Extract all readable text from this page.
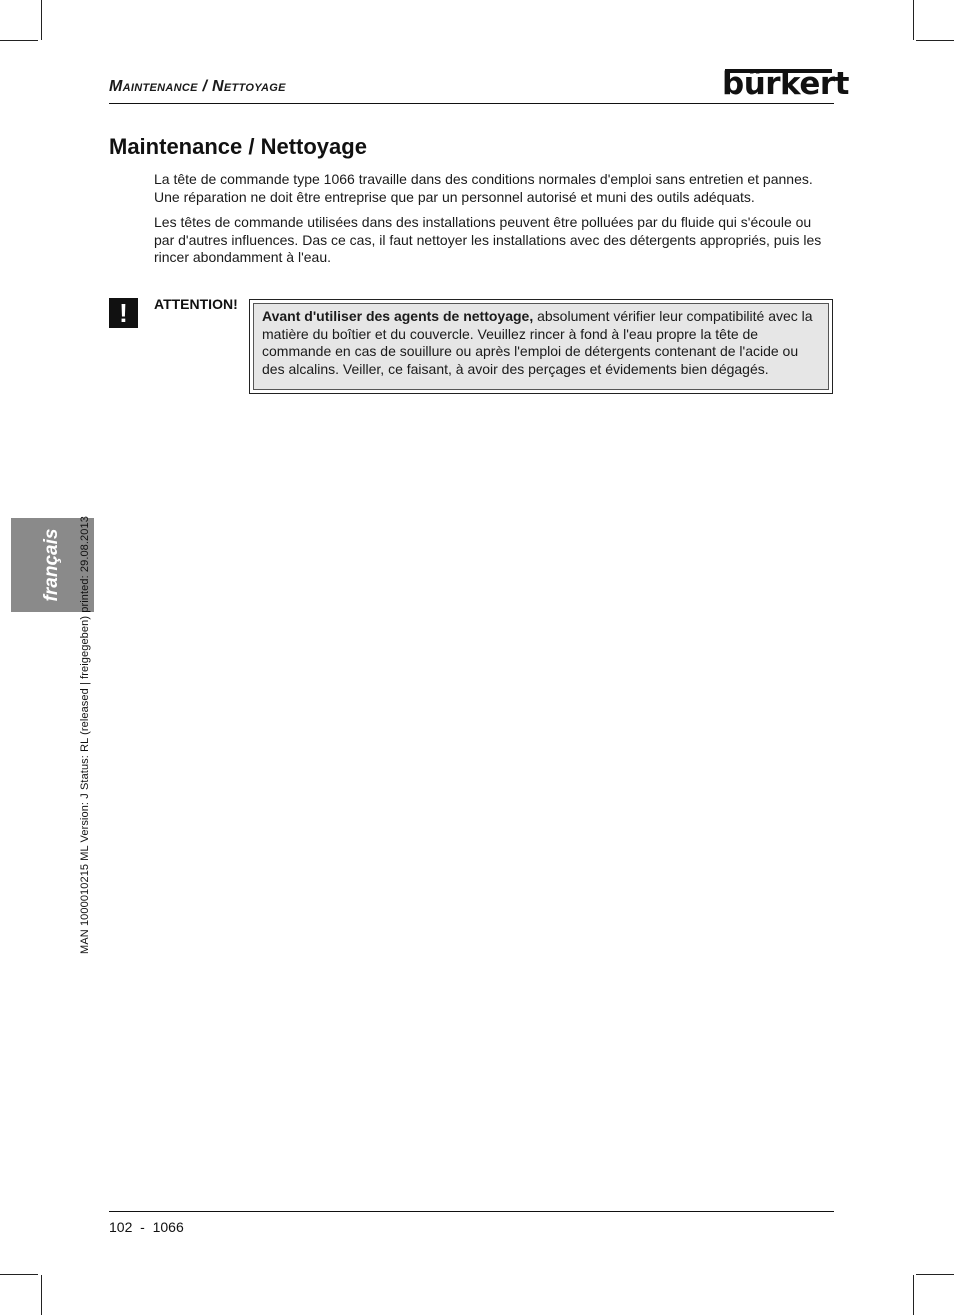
Maintenance / Nettoyage	bürkert
Maintenance / Nettoyage

La tête de commande type 1066 travaille dans des conditions normales d'emploi sans entretien et pannes. Une réparation ne doit être entreprise que par un personnel autorisé et muni des outils adéquats.

Les têtes de commande utilisées dans des installations peuvent être polluées par du fluide qui s'écoule ou par d'autres influences. Das ce cas, il faut nettoyer les installations avec des détergents appropriés, puis les rincer abondamment à l'eau.

!	ATTENTION!
Avant d'utiliser des agents de nettoyage, absolument vérifier leur compatibilité avec la matière du boîtier et du couvercle. Veuillez rincer à fond à l'eau propre la tête de commande en cas de souillure ou après l'emploi de détergents contenant de l'acide ou des alcalins. Veiller, ce faisant, à avoir des perçages et évidements bien dégagés.
français MAN 1000010215 ML Version: J Status: RL (released | freigegeben) printed: 29.08.2013
102  -  1066
